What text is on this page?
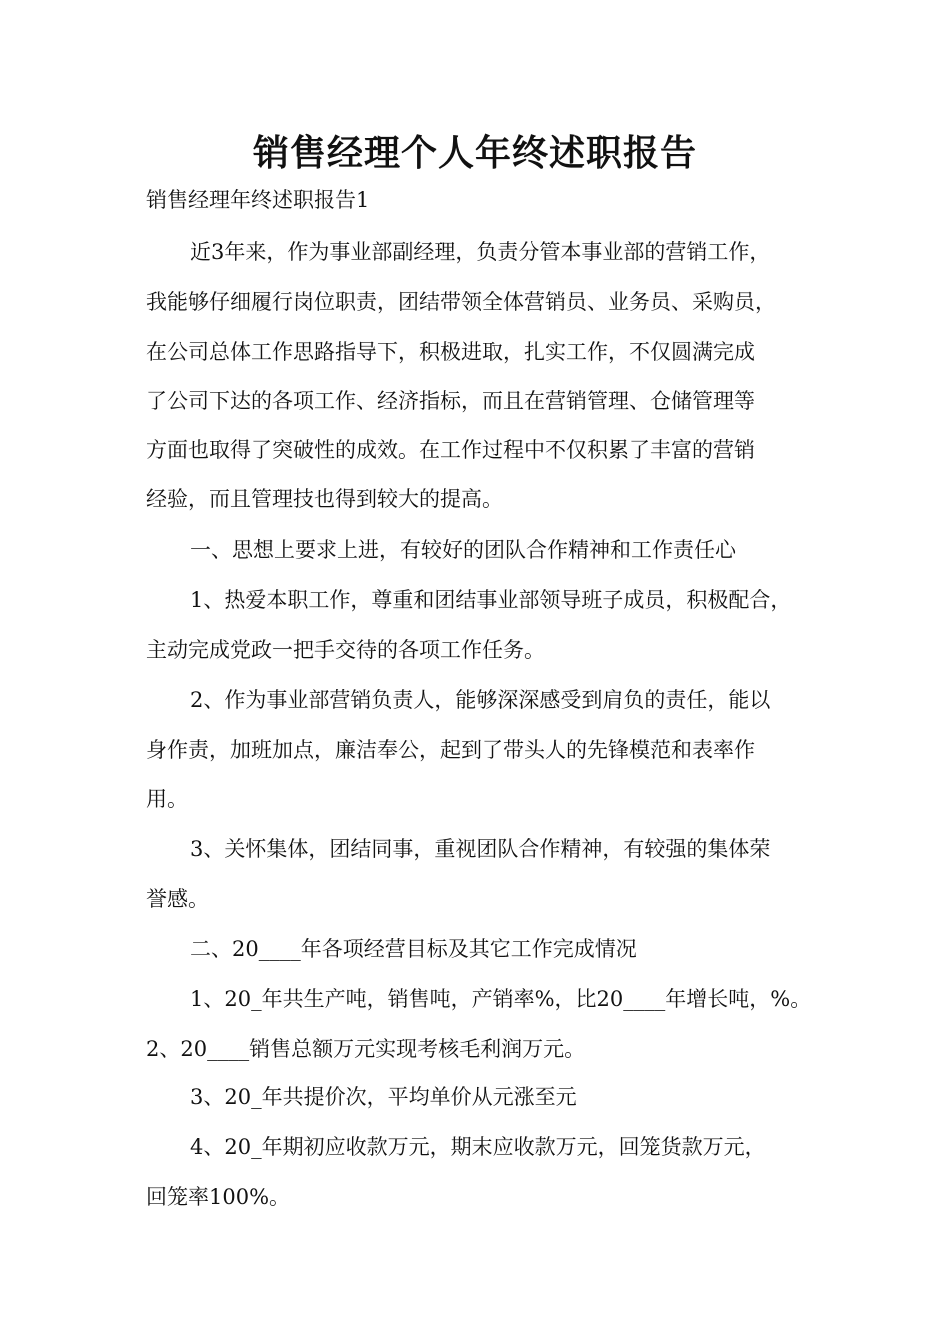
销售经理个人年终述职报告
销售经理年终述职报告1
近3年来，作为事业部副经理，负责分管本事业部的营销工作，
我能够仔细履行岗位职责，团结带领全体营销员、业务员、采购员，
在公司总体工作思路指导下，积极进取，扎实工作，不仅圆满完成
了公司下达的各项工作、经济指标，而且在营销管理、仓储管理等
方面也取得了突破性的成效。在工作过程中不仅积累了丰富的营销
经验，而且管理技也得到较大的提高。
一、思想上要求上进，有较好的团队合作精神和工作责任心
1、热爱本职工作，尊重和团结事业部领导班子成员，积极配合，
主动完成党政一把手交待的各项工作任务。
2、作为事业部营销负责人，能够深深感受到肩负的责任，能以
身作责，加班加点，廉洁奉公，起到了带头人的先锋模范和表率作
用。
3、关怀集体，团结同事，重视团队合作精神，有较强的集体荣
誉感。
二、20____年各项经营目标及其它工作完成情况
1、20_年共生产吨，销售吨，产销率%，比20____年增长吨，%。
2、20____销售总额万元实现考核毛利润万元。
3、20_年共提价次，平均单价从元涨至元
4、20_年期初应收款万元，期末应收款万元，回笼货款万元，
回笼率100%。
